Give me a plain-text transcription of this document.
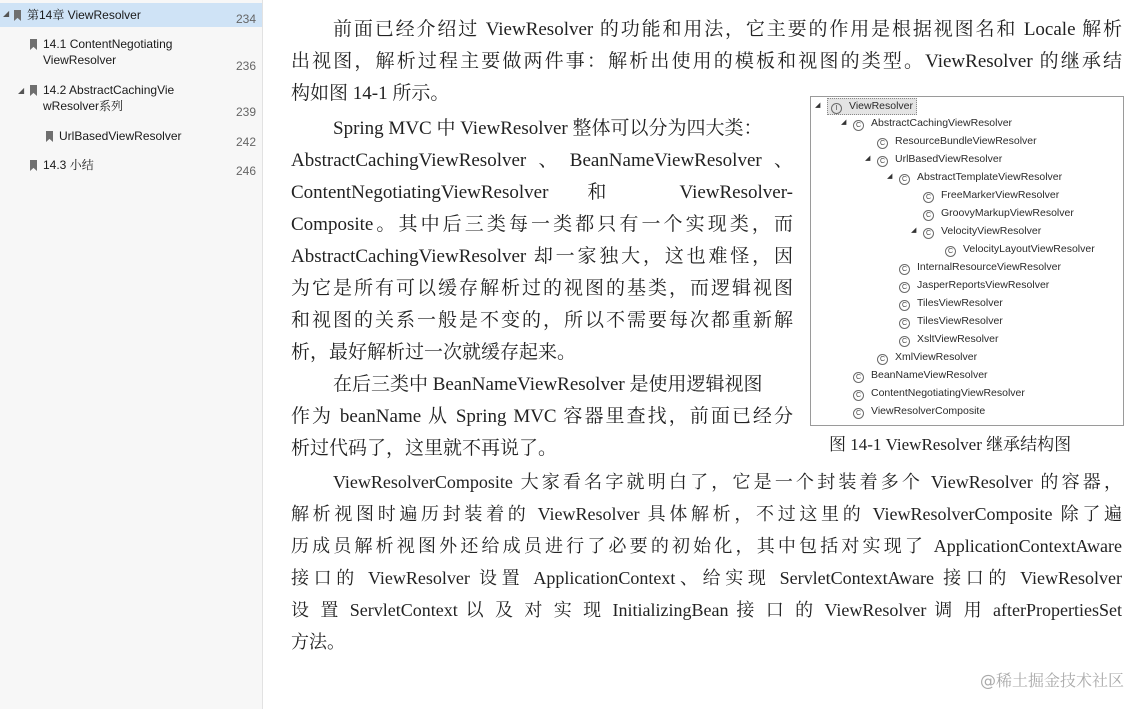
◢ 第14章 ViewResolver	234
14.1 ContentNegotiating
ViewResolver	236
◢ 14.2 AbstractCachingVie
wResolver系列	239
UrlBasedViewResolver	242
14.3 小结	246
前面已经介绍过 ViewResolver 的功能和用法，它主要的作用是根据视图名和 Locale 解析
出视图，解析过程主要做两件事：解析出使用的模板和视图的类型。ViewResolver 的继承结
构如图 14-1 所示。
Spring MVC 中 ViewResolver 整体可以分为四大类：
AbstractCachingViewResolver、BeanNameViewResolver、
ContentNegotiatingViewResolver 和 ViewResolver-
Composite。其中后三类每一类都只有一个实现类，而
AbstractCachingViewResolver 却一家独大，这也难怪，因
为它是所有可以缓存解析过的视图的基类，而逻辑视图
和视图的关系一般是不变的，所以不需要每次都重新解
析，最好解析过一次就缓存起来。
在后三类中 BeanNameViewResolver 是使用逻辑视图
作为 beanName 从 Spring MVC 容器里查找，前面已经分
析过代码了，这里就不再说了。
ViewResolverComposite 大家看名字就明白了，它是一个封装着多个 ViewResolver 的容器，
解析视图时遍历封装着的 ViewResolver 具体解析，不过这里的 ViewResolverComposite 除了遍
历成员解析视图外还给成员进行了必要的初始化，其中包括对实现了 ApplicationContextAware
接口的 ViewResolver 设置 ApplicationContext、给实现 ServletContextAware 接口的 ViewResolver
设 置 ServletContext 以 及 对 实 现 InitializingBean 接 口 的 ViewResolver 调 用 afterPropertiesSet
方法。
◢ I ViewResolver
◢ C AbstractCachingViewResolver
C ResourceBundleViewResolver
◢ C UrlBasedViewResolver
◢ C AbstractTemplateViewResolver
C FreeMarkerViewResolver
C GroovyMarkupViewResolver
◢ C VelocityViewResolver
C VelocityLayoutViewResolver
C InternalResourceViewResolver
C JasperReportsViewResolver
C TilesViewResolver
C TilesViewResolver
C XsltViewResolver
C XmlViewResolver
C BeanNameViewResolver
C ContentNegotiatingViewResolver
C ViewResolverComposite
图 14-1 ViewResolver 继承结构图
@稀土掘金技术社区
